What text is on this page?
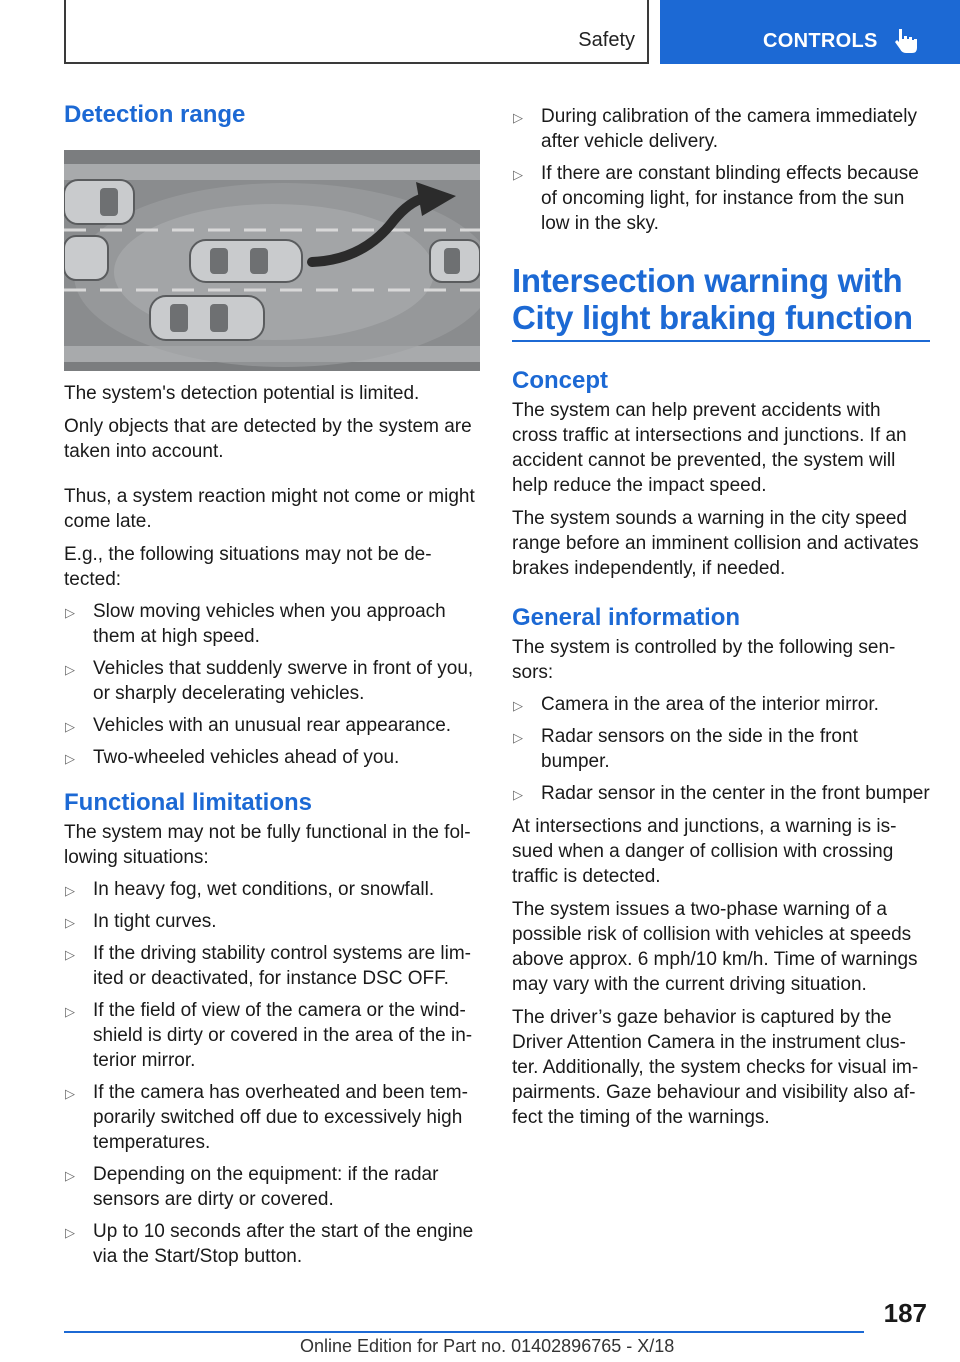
Safety	CONTROLS
Detection range

The system's detection potential is limited.

Only objects that are detected by the system are taken into account.

Thus, a system reaction might not come or might come late.

E.g., the following situations may not be de‐tected:

▷ Slow moving vehicles when you approach them at high speed.
▷ Vehicles that suddenly swerve in front of you, or sharply decelerating vehicles.
▷ Vehicles with an unusual rear appearance.
▷ Two-wheeled vehicles ahead of you.
Functional limitations

The system may not be fully functional in the fol‐lowing situations:

▷ In heavy fog, wet conditions, or snowfall.
▷ In tight curves.
▷ If the driving stability control systems are lim‐ited or deactivated, for instance DSC OFF.
▷ If the field of view of the camera or the wind‐shield is dirty or covered in the area of the in‐terior mirror.
▷ If the camera has overheated and been tem‐porarily switched off due to excessively high temperatures.
▷ Depending on the equipment: if the radar sensors are dirty or covered.
▷ Up to 10 seconds after the start of the engine via the Start/Stop button.
▷ During calibration of the camera immediately after vehicle delivery.
▷ If there are constant blinding effects because of oncoming light, for instance from the sun low in the sky.
Intersection warning with City light braking function
Concept

The system can help prevent accidents with cross traffic at intersections and junctions. If an accident cannot be prevented, the system will help reduce the impact speed.

The system sounds a warning in the city speed range before an imminent collision and activates brakes independently, if needed.

General information

The system is controlled by the following sen‐sors:

▷ Camera in the area of the interior mirror.
▷ Radar sensors on the side in the front bumper.
▷ Radar sensor in the center in the front bumper

At intersections and junctions, a warning is is‐sued when a danger of collision with crossing traffic is detected.

The system issues a two-phase warning of a possible risk of collision with vehicles at speeds above approx. 6 mph/10 km/h. Time of warnings may vary with the current driving situation.

The driver’s gaze behavior is captured by the Driver Attention Camera in the instrument clus‐ter. Additionally, the system checks for visual im‐pairments. Gaze behaviour and visibility also af‐fect the timing of the warnings.

187
Online Edition for Part no. 01402896765 - X/18
